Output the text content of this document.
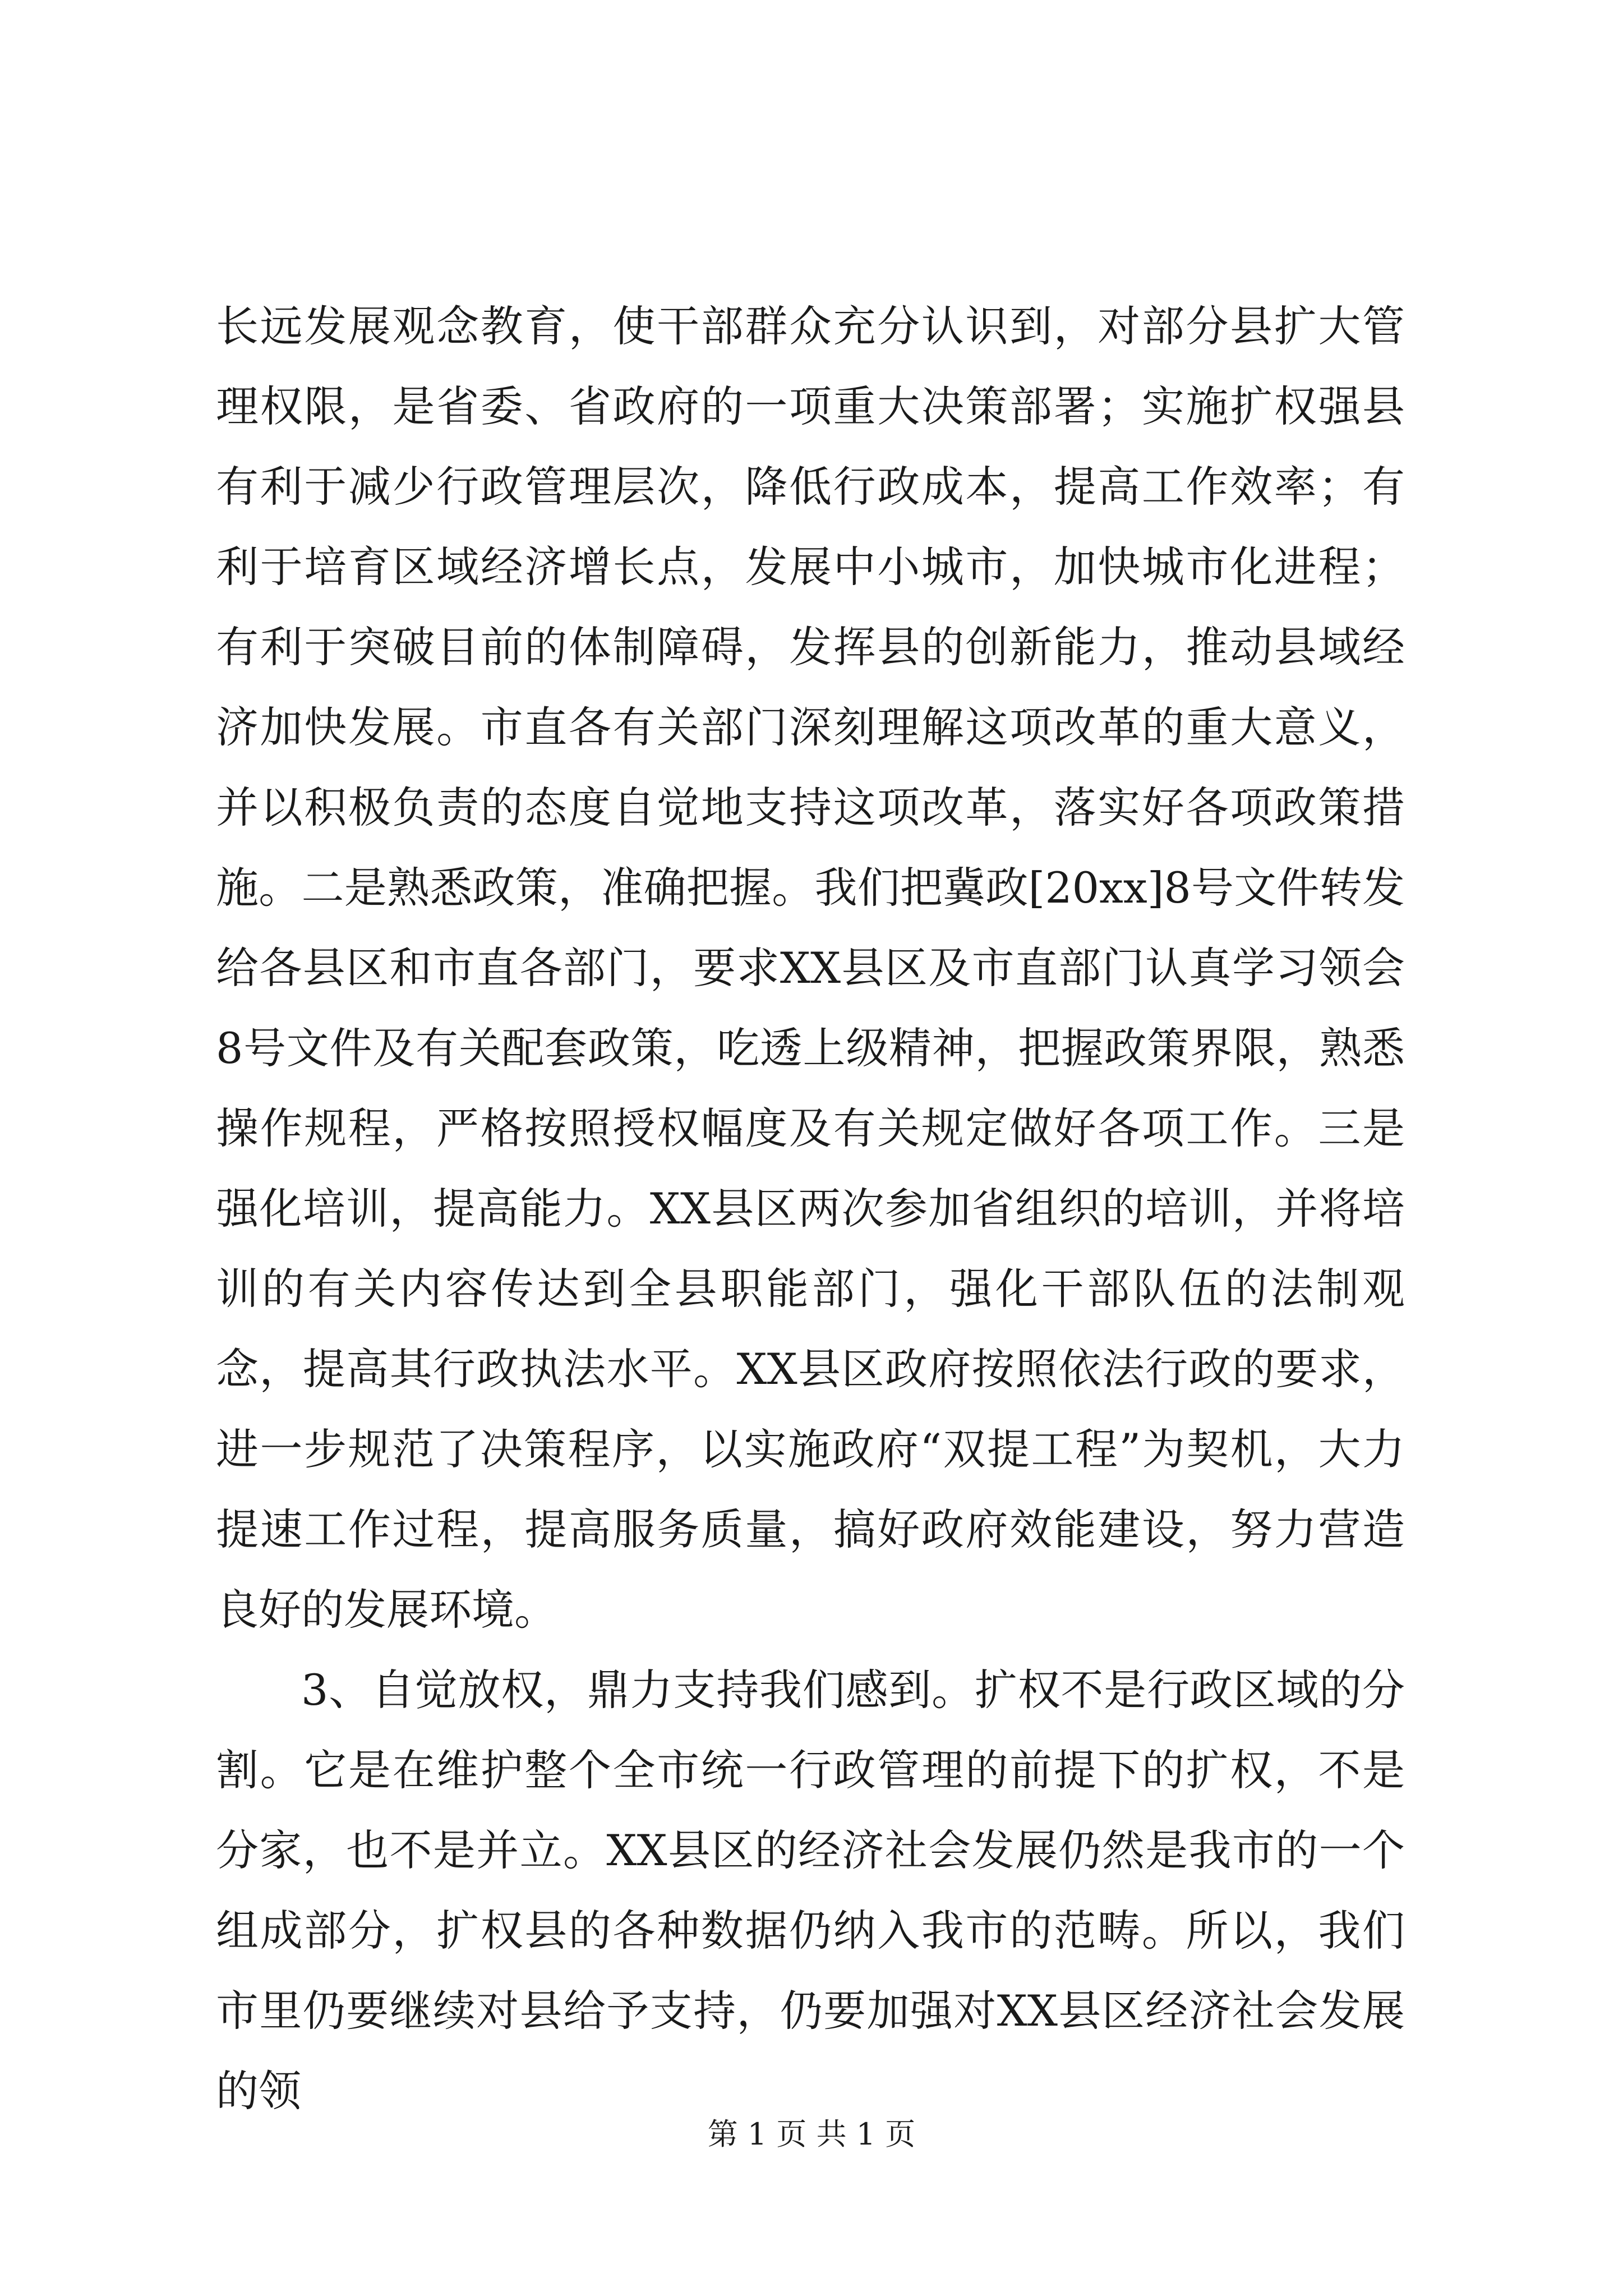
长远发展观念教育，使干部群众充分认识到，对部分县扩大管理权限，是省委、省政府的一项重大决策部署；实施扩权强县有利于减少行政管理层次，降低行政成本，提高工作效率；有利于培育区域经济增长点，发展中小城市，加快城市化进程；有利于突破目前的体制障碍，发挥县的创新能力，推动县域经济加快发展。市直各有关部门深刻理解这项改革的重大意义，并以积极负责的态度自觉地支持这项改革，落实好各项政策措施。二是熟悉政策，准确把握。我们把冀政[20xx]8号文件转发给各县区和市直各部门，要求XX县区及市直部门认真学习领会8号文件及有关配套政策，吃透上级精神，把握政策界限，熟悉操作规程，严格按照授权幅度及有关规定做好各项工作。三是强化培训，提高能力。XX县区两次参加省组织的培训，并将培训的有关内容传达到全县职能部门，强化干部队伍的法制观念，提高其行政执法水平。XX县区政府按照依法行政的要求，进一步规范了决策程序，以实施政府“双提工程”为契机，大力提速工作过程，提高服务质量，搞好政府效能建设，努力营造良好的发展环境。

3、自觉放权，鼎力支持我们感到。扩权不是行政区域的分割。它是在维护整个全市统一行政管理的前提下的扩权，不是分家，也不是并立。XX县区的经济社会发展仍然是我市的一个组成部分，扩权县的各种数据仍纳入我市的范畴。所以，我们市里仍要继续对县给予支持，仍要加强对XX县区经济社会发展的领

第 1 页 共 1 页
